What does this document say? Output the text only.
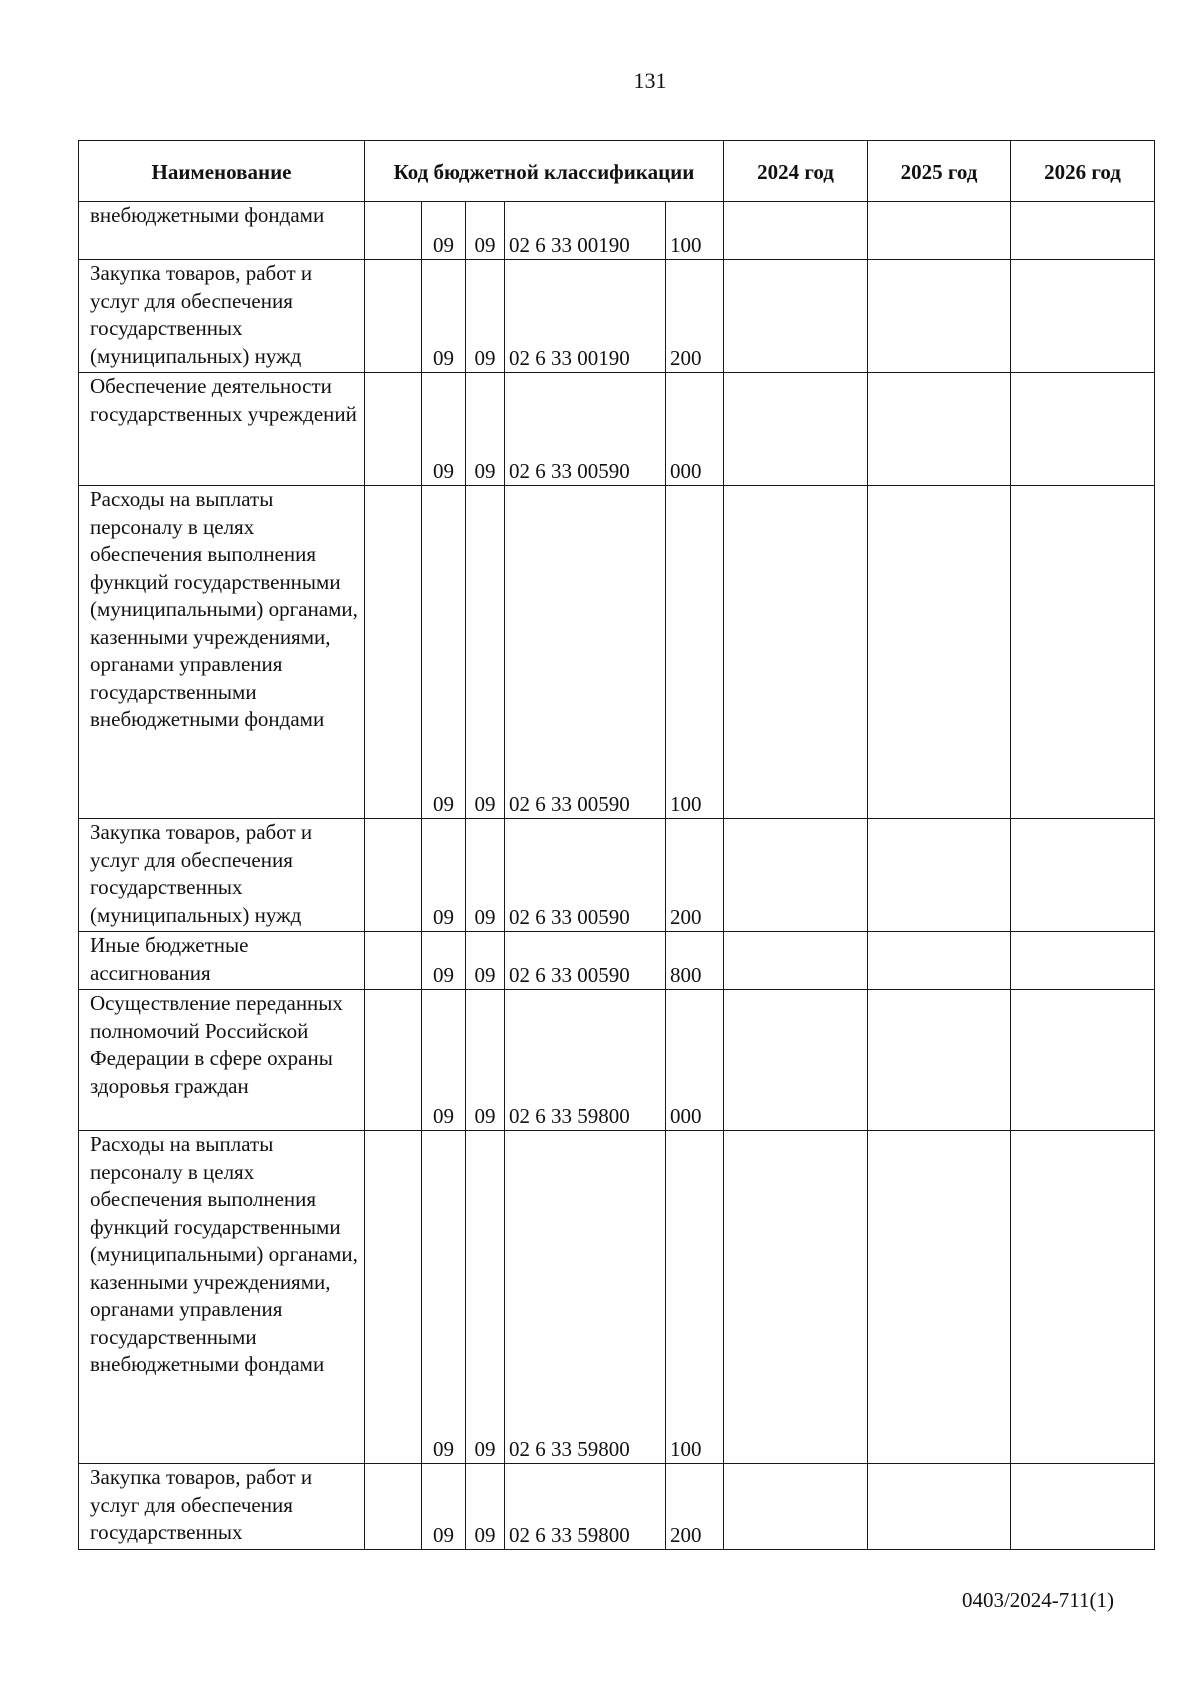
131
Наименование	Код бюджетной классификации					2024 год	2025 год	2026 год
внебюджетными фондами		09	09	02 6 33 00190	100			
Закупка товаров, работ и услуг для обеспечения государственных (муниципальных) нужд		09	09	02 6 33 00190	200			
Обеспечение деятельности государственных учреждений		09	09	02 6 33 00590	000			
Расходы на выплаты персоналу в целях обеспечения выполнения функций государственными (муниципальными) органами, казенными учреждениями, органами управления государственными внебюджетными фондами		09	09	02 6 33 00590	100			
Закупка товаров, работ и услуг для обеспечения государственных (муниципальных) нужд		09	09	02 6 33 00590	200			
Иные бюджетные ассигнования		09	09	02 6 33 00590	800			
Осуществление переданных полномочий Российской Федерации в сфере охраны здоровья граждан		09	09	02 6 33 59800	000			
Расходы на выплаты персоналу в целях обеспечения выполнения функций государственными (муниципальными) органами, казенными учреждениями, органами управления государственными внебюджетными фондами		09	09	02 6 33 59800	100			
Закупка товаров, работ и услуг для обеспечения государственных		09	09	02 6 33 59800	200			
0403/2024-711(1)
